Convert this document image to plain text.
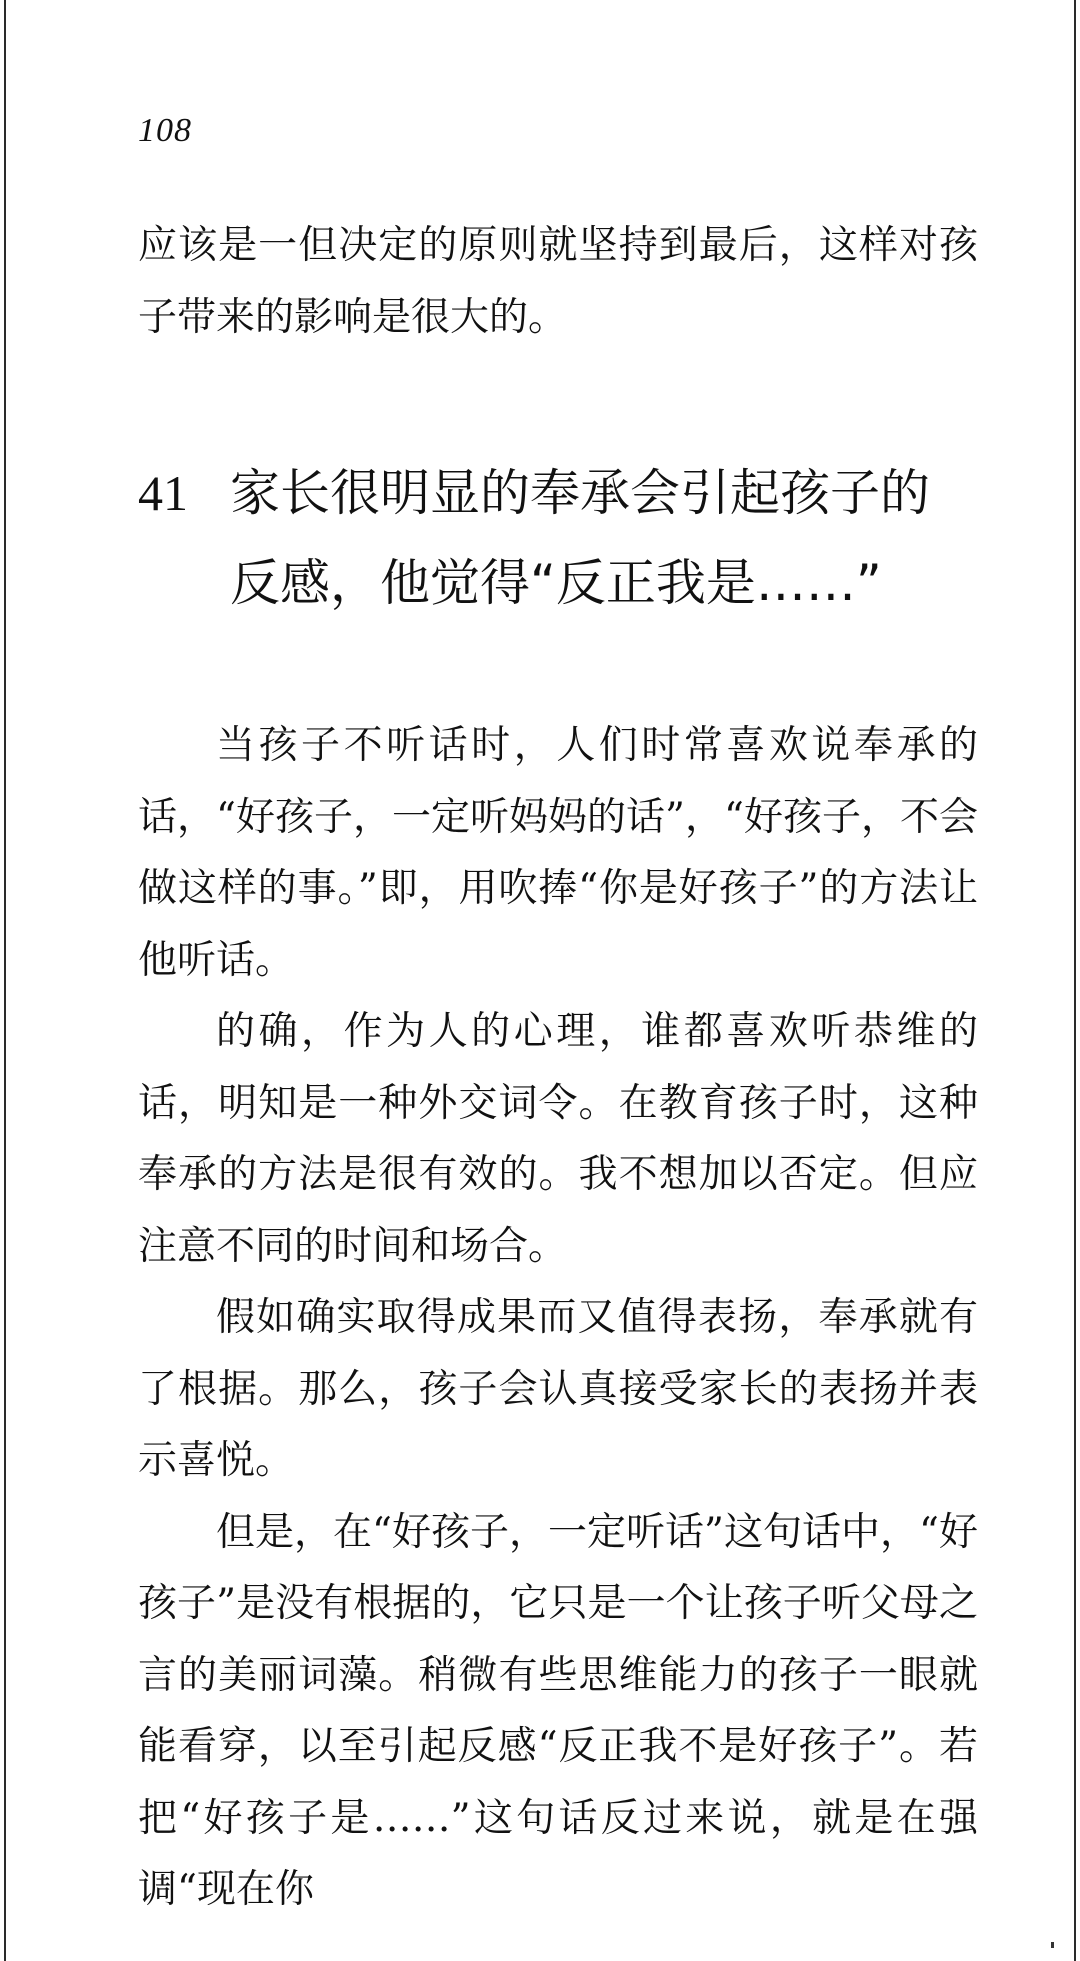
108
应该是一但决定的原则就坚持到最后，这样对孩子带来的影响是很大的。
41 家长很明显的奉承会引起孩子的反感，他觉得“反正我是……”

当孩子不听话时，人们时常喜欢说奉承的话，“好孩子，一定听妈妈的话”，“好孩子，不会做这样的事。”即，用吹捧“你是好孩子”的方法让他听话。

的确，作为人的心理，谁都喜欢听恭维的话，明知是一种外交词令。在教育孩子时，这种奉承的方法是很有效的。我不想加以否定。但应注意不同的时间和场合。

假如确实取得成果而又值得表扬，奉承就有了根据。那么，孩子会认真接受家长的表扬并表示喜悦。

但是，在“好孩子，一定听话”这句话中，“好孩子”是没有根据的，它只是一个让孩子听父母之言的美丽词藻。稍微有些思维能力的孩子一眼就能看穿，以至引起反感“反正我不是好孩子”。若把“好孩子是……”这句话反过来说，就是在强调“现在你
